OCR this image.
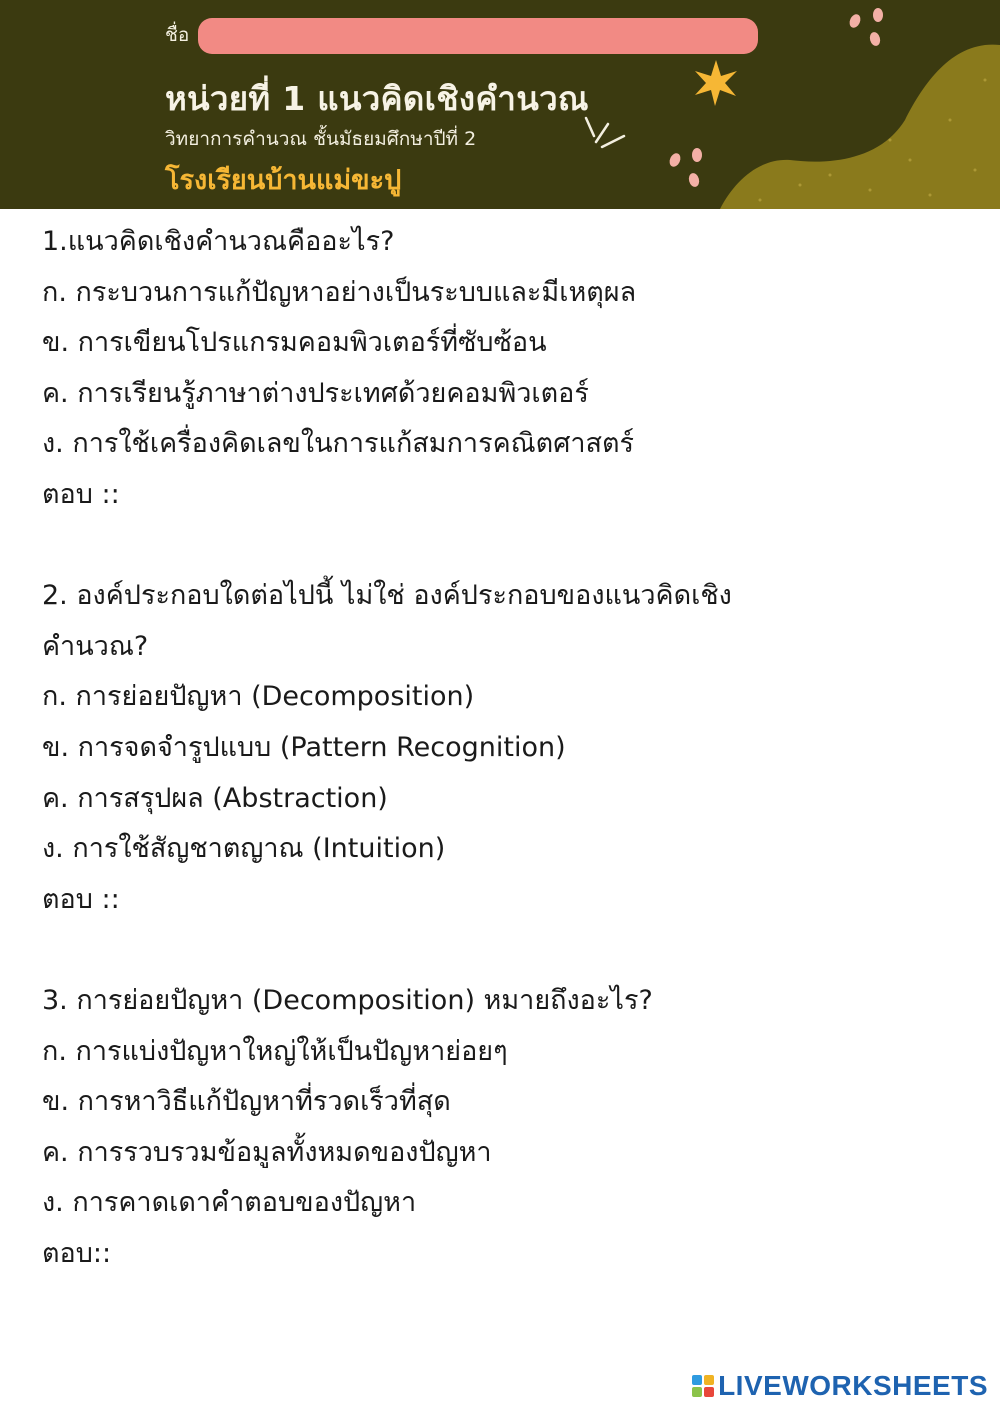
ชื่อ
หน่วยที่ 1 แนวคิดเชิงคำนวณ
วิทยาการคำนวณ ชั้นมัธยมศึกษาปีที่ 2
โรงเรียนบ้านแม่ขะปู
1.แนวคิดเชิงคำนวณคืออะไร?
ก. กระบวนการแก้ปัญหาอย่างเป็นระบบและมีเหตุผล
ข. การเขียนโปรแกรมคอมพิวเตอร์ที่ซับซ้อน
ค. การเรียนรู้ภาษาต่างประเทศด้วยคอมพิวเตอร์
ง. การใช้เครื่องคิดเลขในการแก้สมการคณิตศาสตร์
ตอบ ::
2. องค์ประกอบใดต่อไปนี้ ไม่ใช่ องค์ประกอบของแนวคิดเชิง
คำนวณ?
ก. การย่อยปัญหา (Decomposition)
ข. การจดจำรูปแบบ (Pattern Recognition)
ค. การสรุปผล (Abstraction)
ง. การใช้สัญชาตญาณ (Intuition)
ตอบ ::
3. การย่อยปัญหา (Decomposition) หมายถึงอะไร?
ก. การแบ่งปัญหาใหญ่ให้เป็นปัญหาย่อยๆ
ข. การหาวิธีแก้ปัญหาที่รวดเร็วที่สุด
ค. การรวบรวมข้อมูลทั้งหมดของปัญหา
ง. การคาดเดาคำตอบของปัญหา
ตอบ::
LIVEWORKSHEETS
